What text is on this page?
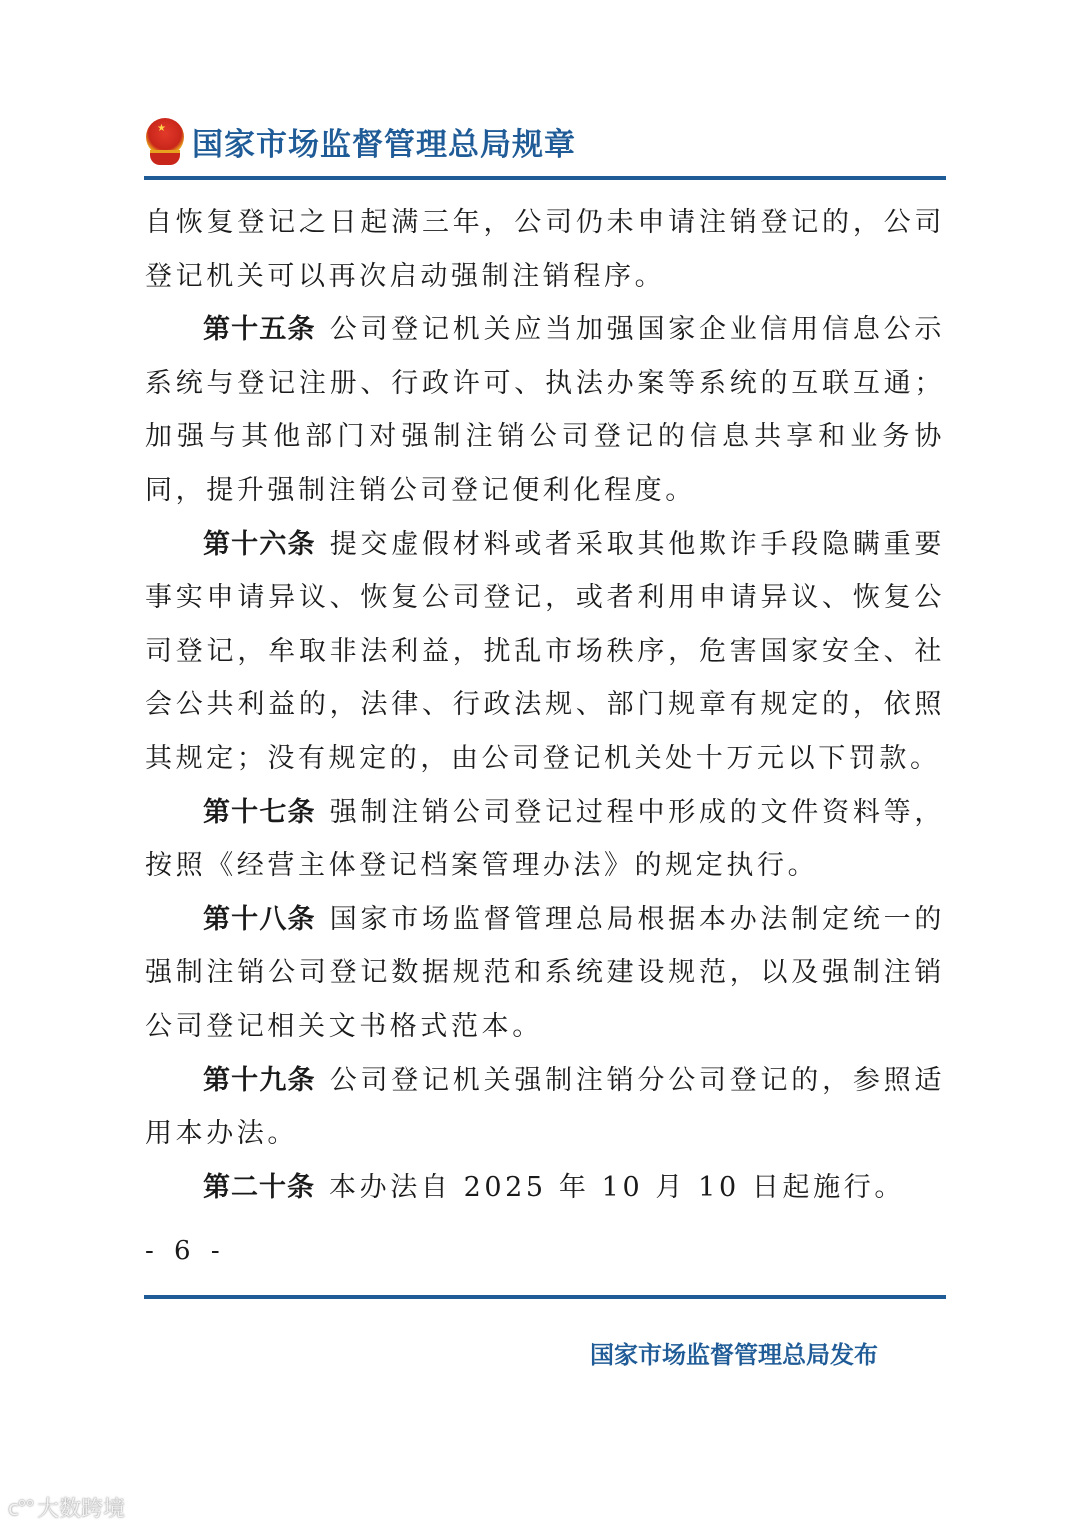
★ 国家市场监督管理总局规章

自恢复登记之日起满三年，公司仍未申请注销登记的，公司登记机关可以再次启动强制注销程序。

第十五条 公司登记机关应当加强国家企业信用信息公示系统与登记注册、行政许可、执法办案等系统的互联互通；加强与其他部门对强制注销公司登记的信息共享和业务协同，提升强制注销公司登记便利化程度。

第十六条 提交虚假材料或者采取其他欺诈手段隐瞒重要事实申请异议、恢复公司登记，或者利用申请异议、恢复公司登记，牟取非法利益，扰乱市场秩序，危害国家安全、社会公共利益的，法律、行政法规、部门规章有规定的，依照其规定；没有规定的，由公司登记机关处十万元以下罚款。

第十七条 强制注销公司登记过程中形成的文件资料等，按照《经营主体登记档案管理办法》的规定执行。

第十八条 国家市场监督管理总局根据本办法制定统一的强制注销公司登记数据规范和系统建设规范，以及强制注销公司登记相关文书格式范本。

第十九条 公司登记机关强制注销分公司登记的，参照适用本办法。

第二十条 本办法自 2025 年 10 月 10 日起施行。

- 6 -
国家市场监督管理总局发布
ᴄ°° 大数跨境
